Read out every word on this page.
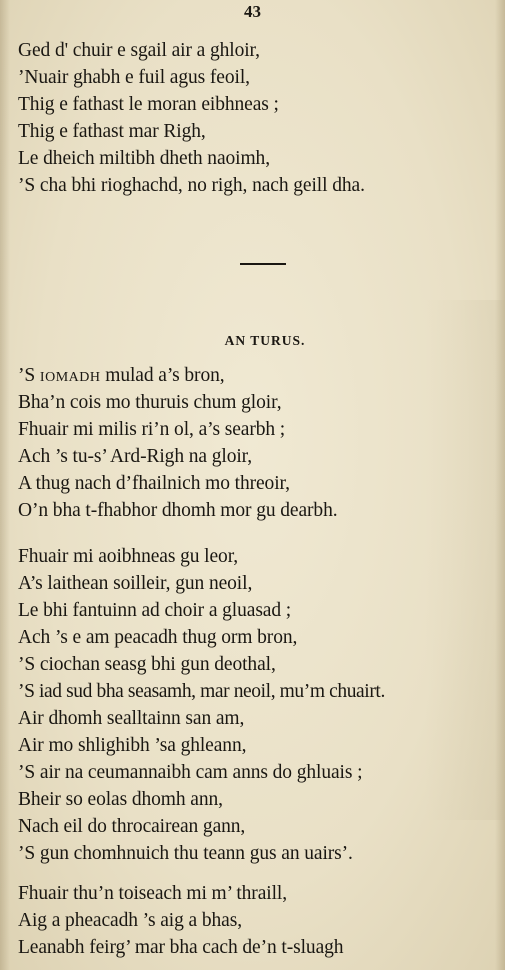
43
Ged d' chuir e sgail air a ghloir,
’Nuair ghabh e fuil agus feoil,
Thig e fathast le moran eibhneas ;
Thig e fathast mar Righ,
Le dheich miltibh dheth naoimh,
’S cha bhi rioghachd, no righ, nach geill dha.
AN TURUS.
’S iomadh mulad a’s bron,
Bha’n cois mo thuruis chum gloir,
Fhuair mi milis ri’n ol, a’s searbh ;
Ach ’s tu-s’ Ard-Righ na gloir,
A thug nach d’fhailnich mo threoir,
O’n bha t-fhabhor dhomh mor gu dearbh.
Fhuair mi aoibhneas gu leor,
A’s laithean soilleir, gun neoil,
Le bhi fantuinn ad choir a gluasad ;
Ach ’s e am peacadh thug orm bron,
’S ciochan seasg bhi gun deothal,
’S iad sud bha seasamh, mar neoil, mu’m chuairt.
Air dhomh sealltainn san am,
Air mo shlighibh ’sa ghleann,
’S air na ceumannaibh cam anns do ghluais ;
Bheir so eolas dhomh ann,
Nach eil do throcairean gann,
’S gun chomhnuich thu teann gus an uairs’.
Fhuair thu’n toiseach mi m’ thraill,
Aig a pheacadh ’s aig a bhas,
Leanabh feirg’ mar bha cach de’n t-sluagh
